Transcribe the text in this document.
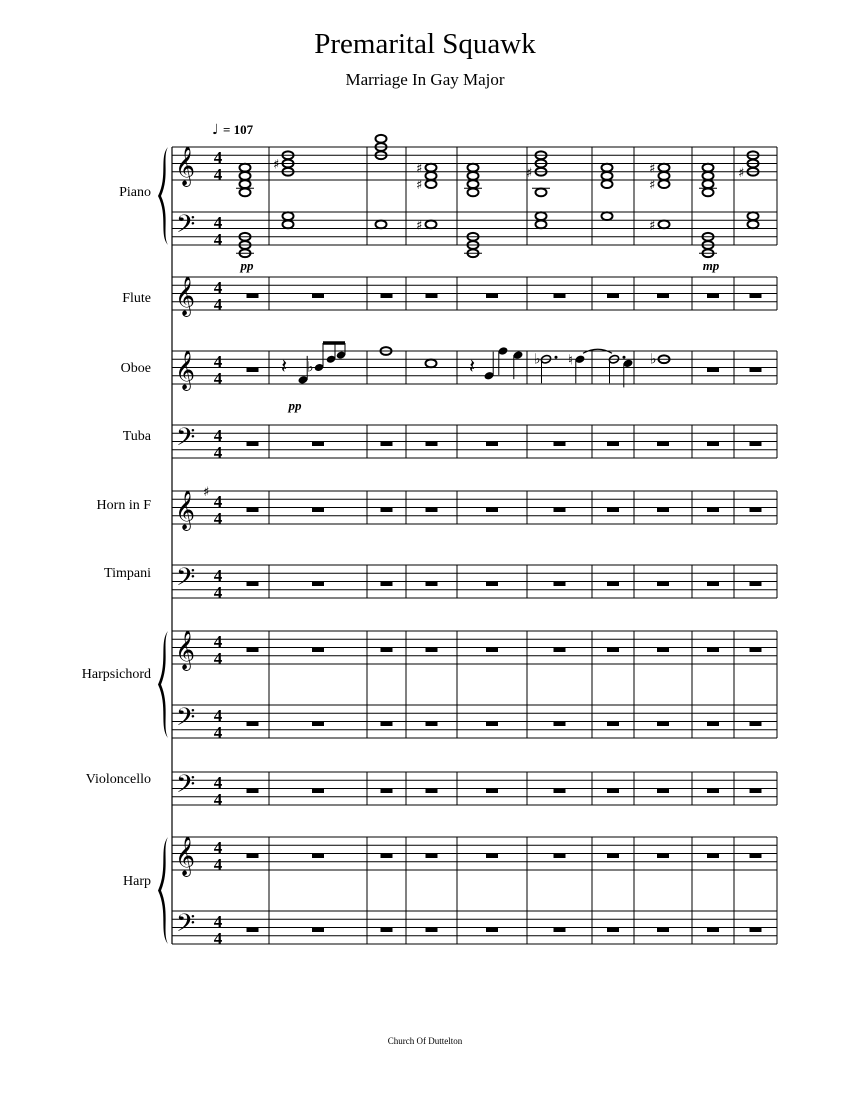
Premarital Squawk
Marriage In Gay Major
Church Of Duttelton
Piano
Flute
Oboe
Tuba
Horn in F
Timpani
Harpsichord
Violoncello
Harp
♯	♯
♯
♯	♯
♯
♯
♯	♯
𝄽 ♭	𝄽	♭ ♮	♭
𝄞 4
4
𝄢 4
4
𝄞 4
4
𝄞 4
4
𝄢 4
4
𝄞 ♯ 4
4
𝄢 4
4
𝄞 4
4
𝄢 4
4
𝄢 4
4
𝄞 4
4
𝄢 4
4
pp	mp
pp
♩ = 107
